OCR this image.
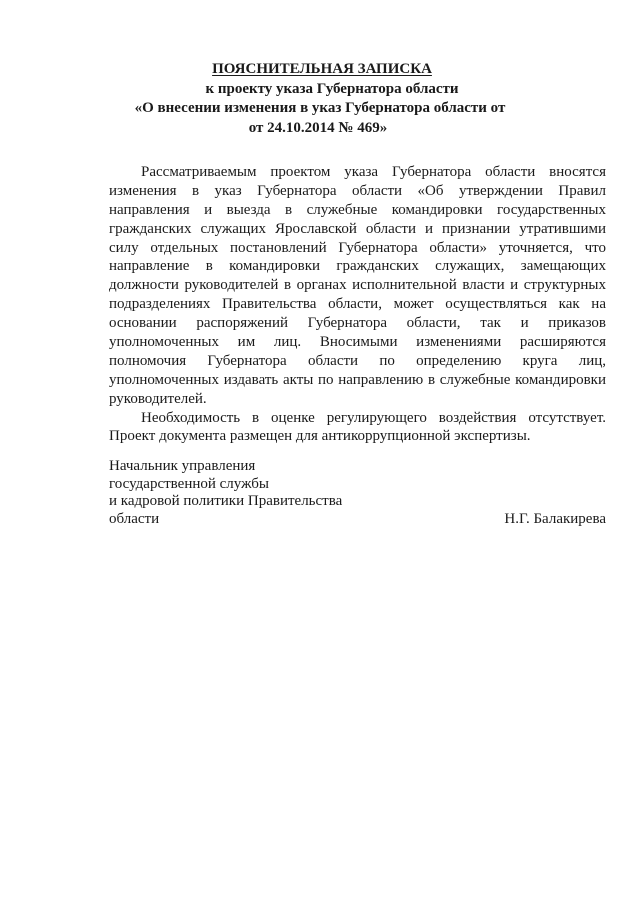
ПОЯСНИТЕЛЬНАЯ ЗАПИСКА
к проекту указа Губернатора области
«О внесении изменения в указ Губернатора области от
от 24.10.2014 № 469»
Рассматриваемым проектом указа Губернатора области вносятся
изменения в указ Губернатора области «Об утверждении Правил
направления и выезда в служебные командировки государственных
гражданских служащих Ярославской области и признании утратившими
силу отдельных постановлений Губернатора области» уточняется, что
направление в командировки гражданских служащих, замещающих
должности руководителей в органах исполнительной власти и структурных
подразделениях Правительства области, может осуществляться как на
основании распоряжений Губернатора области, так и приказов
уполномоченных им лиц. Вносимыми изменениями расширяются
полномочия Губернатора области по определению круга лиц,
уполномоченных издавать акты по направлению в служебные командировки
руководителей.
Необходимость в оценке регулирующего воздействия отсутствует.
Проект документа размещен для антикоррупционной экспертизы.
Начальник управления
государственной службы
и кадровой политики Правительства
области	Н.Г. Балакирева
